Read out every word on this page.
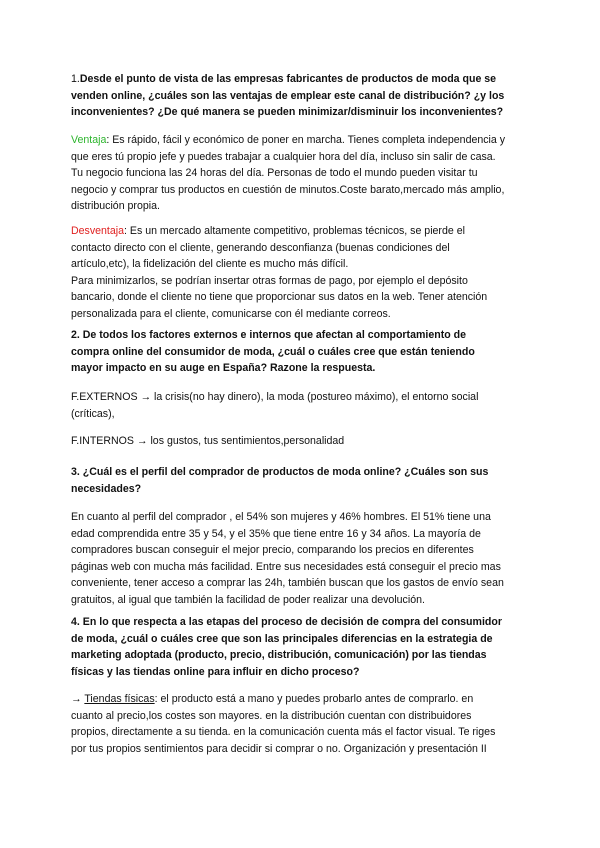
1.Desde el punto de vista de las empresas fabricantes de productos de moda que se

venden online, ¿cuáles son las ventajas de emplear este canal de distribución? ¿y los

inconvenientes? ¿De qué manera se pueden minimizar/disminuir los inconvenientes?

Ventaja: Es rápido, fácil y económico de poner en marcha. Tienes completa independencia y

que eres tú propio jefe y puedes trabajar a cualquier hora del día, incluso sin salir de casa.

Tu negocio funciona las 24 horas del día. Personas de todo el mundo pueden visitar tu

negocio y comprar tus productos en cuestión de minutos.Coste barato,mercado más amplio,

distribución propia.

Desventaja: Es un mercado altamente competitivo, problemas técnicos, se pierde el

contacto directo con el cliente, generando desconfianza (buenas condiciones del

artículo,etc), la fidelización del cliente es mucho más difícil.

Para minimizarlos, se podrían insertar otras formas de pago, por ejemplo el depósito

bancario, donde el cliente no tiene que proporcionar sus datos en la web. Tener atención

personalizada para el cliente, comunicarse con él mediante correos.

2. De todos los factores externos e internos que afectan al comportamiento de

compra online del consumidor de moda, ¿cuál o cuáles cree que están teniendo

mayor impacto en su auge en España? Razone la respuesta.

F.EXTERNOS → la crisis(no hay dinero), la moda (postureo máximo), el entorno social

(críticas),

F.INTERNOS → los gustos, tus sentimientos,personalidad

3. ¿Cuál es el perfil del comprador de productos de moda online? ¿Cuáles son sus

necesidades?

En cuanto al perfil del comprador , el 54% son mujeres y 46% hombres. El 51% tiene una

edad comprendida entre 35 y 54, y el 35% que tiene entre 16 y 34 años. La mayoría de

compradores buscan conseguir el mejor precio, comparando los precios en diferentes

páginas web con mucha más facilidad. Entre sus necesidades está conseguir el precio mas

conveniente, tener acceso a comprar las 24h, también buscan que los gastos de envío sean

gratuitos, al igual que también la facilidad de poder realizar una devolución.

4. En lo que respecta a las etapas del proceso de decisión de compra del consumidor

de moda, ¿cuál o cuáles cree que son las principales diferencias en la estrategia de

marketing adoptada (producto, precio, distribución, comunicación) por las tiendas

físicas y las tiendas online para influir en dicho proceso?

→ Tiendas físicas: el producto está a mano y puedes probarlo antes de comprarlo. en

cuanto al precio,los costes son mayores. en la distribución cuentan con distribuidores

propios, directamente a su tienda. en la comunicación cuenta más el factor visual. Te riges

por tus propios sentimientos para decidir si comprar o no. Organización y presentación II
